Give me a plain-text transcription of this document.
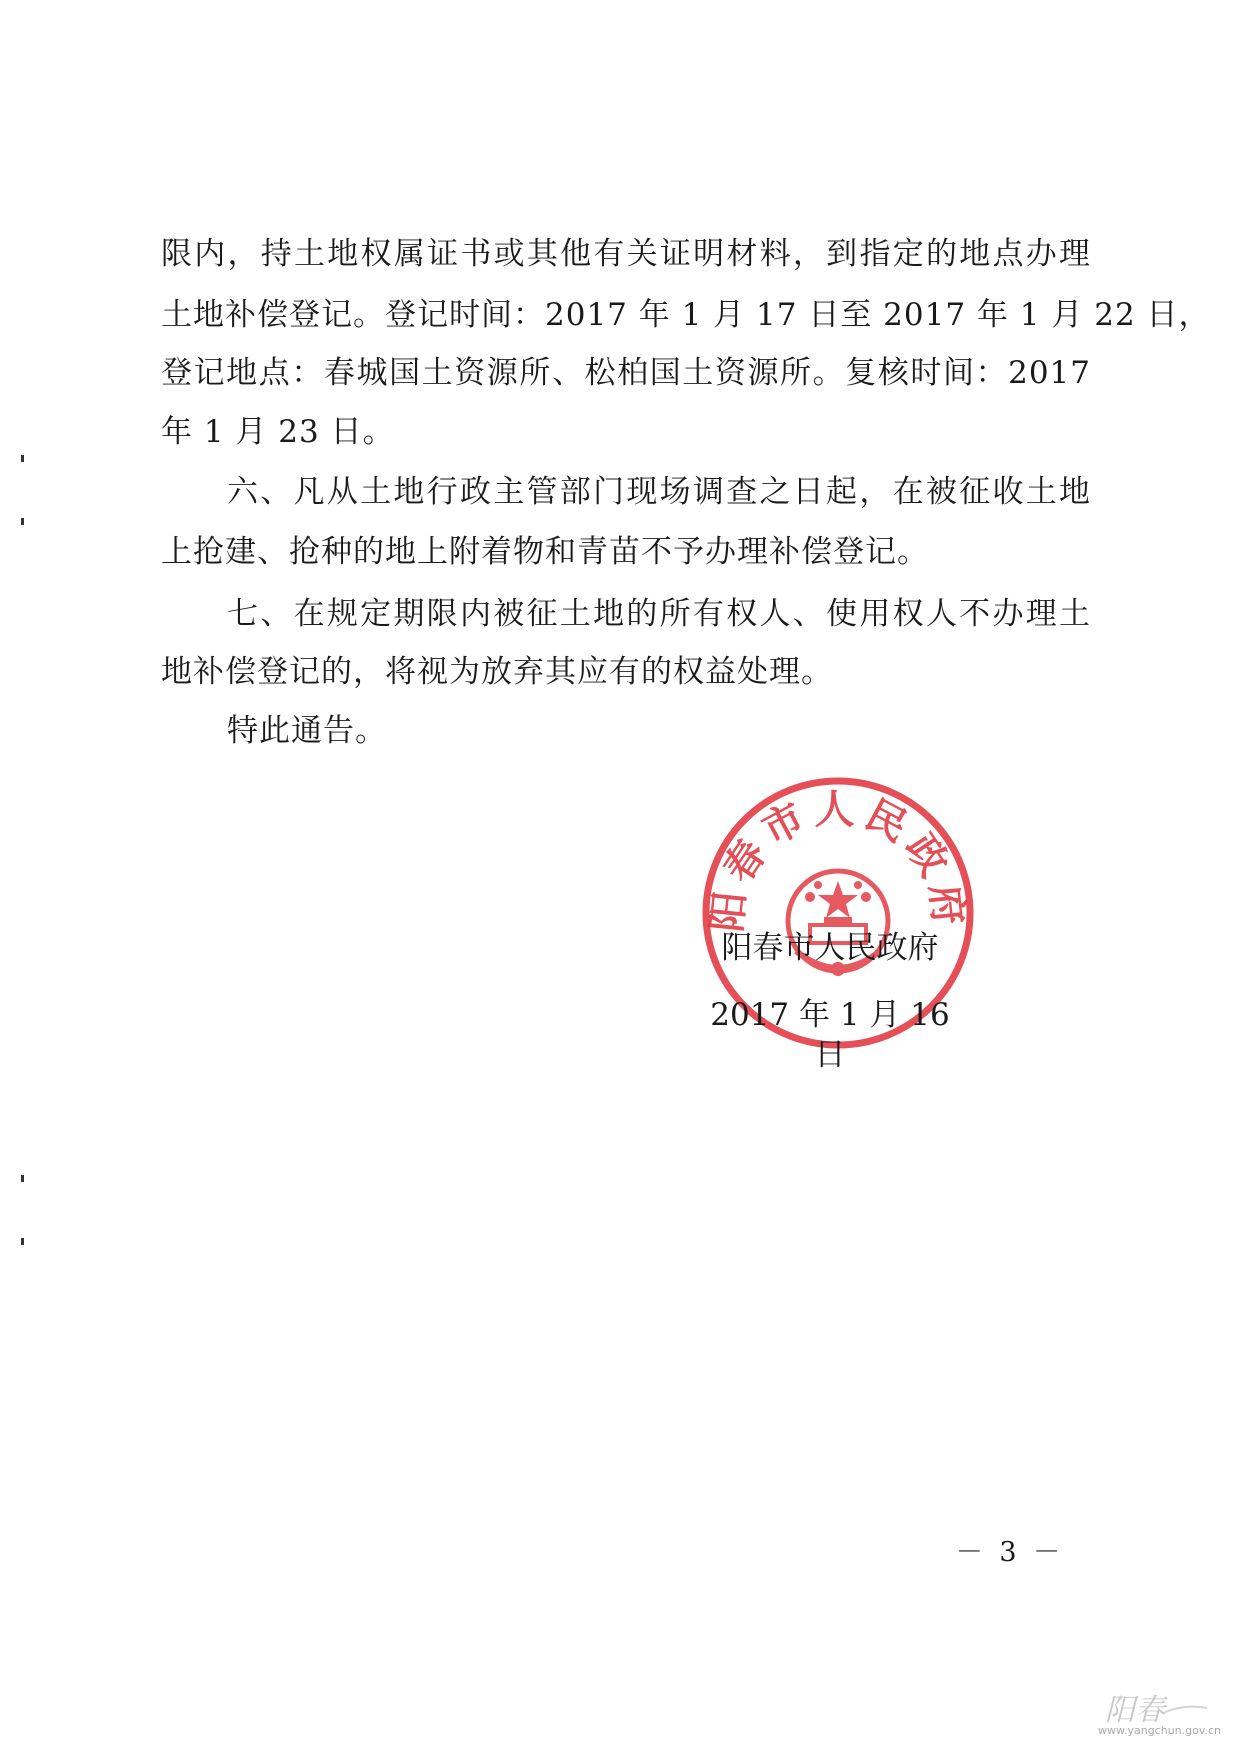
限内，持土地权属证书或其他有关证明材料，到指定的地点办理
土地补偿登记。登记时间：2017 年 1 月 17 日至 2017 年 1 月 22 日，
登记地点：春城国土资源所、松柏国土资源所。复核时间：2017
年 1 月 23 日。
六、凡从土地行政主管部门现场调查之日起，在被征收土地
上抢建、抢种的地上附着物和青苗不予办理补偿登记。
七、在规定期限内被征土地的所有权人、使用权人不办理土
地补偿登记的，将视为放弃其应有的权益处理。
特此通告。
阳春市人民政府
阳春市人民政府
2017 年 1 月 16 日
－ 3 －
阳春
www.yangchun.gov.cn
